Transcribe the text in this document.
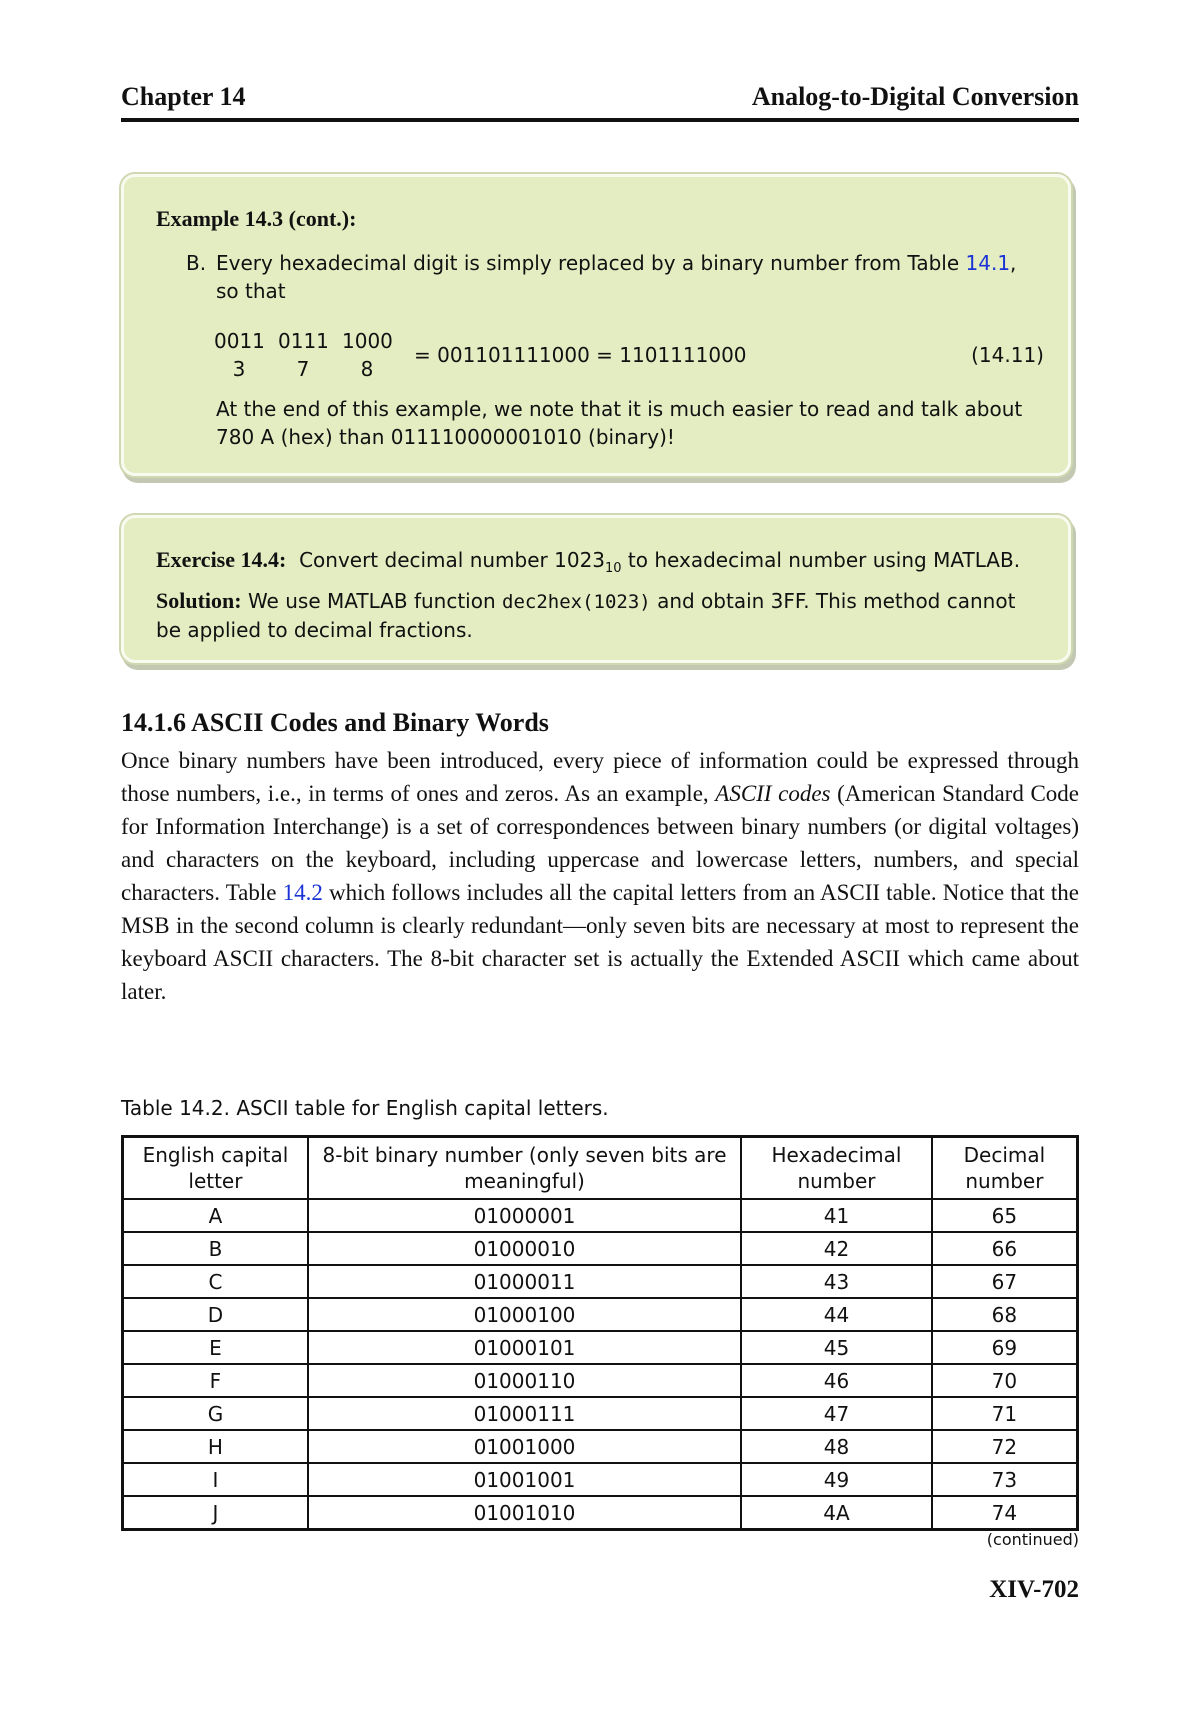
Chapter 14	Analog-to-Digital Conversion
Example 14.3 (cont.):
B. Every hexadecimal digit is simply replaced by a binary number from Table 14.1, so that
0011
3
0111
7
1000
8
= 001101111000 = 1101111000	(14.11)
At the end of this example, we note that it is much easier to read and talk about 780 A (hex) than 011110000001010 (binary)!
Exercise 14.4: Convert decimal number $1023_{10}$ to hexadecimal number using MATLAB.
Solution: We use MATLAB function dec2hex(1023) and obtain 3FF. This method cannot be applied to decimal fractions.
14.1.6 ASCII Codes and Binary Words
Once binary numbers have been introduced, every piece of information could be expressed through those numbers, i.e., in terms of ones and zeros. As an example, ASCII codes (American Standard Code for Information Interchange) is a set of correspondences between binary numbers (or digital voltages) and characters on the keyboard, including uppercase and lowercase letters, numbers, and special characters. Table 14.2 which follows includes all the capital letters from an ASCII table. Notice that the MSB in the second column is clearly redundant—only seven bits are necessary at most to represent the keyboard ASCII characters. The 8-bit character set is actually the Extended ASCII which came about later.
Table 14.2. ASCII table for English capital letters.
English capital letter	8-bit binary number (only seven bits are meaningful)	Hexadecimal number	Decimal number
A	01000001	41	65
B	01000010	42	66
C	01000011	43	67
D	01000100	44	68
E	01000101	45	69
F	01000110	46	70
G	01000111	47	71
H	01001000	48	72
I	01001001	49	73
J	01001010	4A	74
(continued)
XIV-702
